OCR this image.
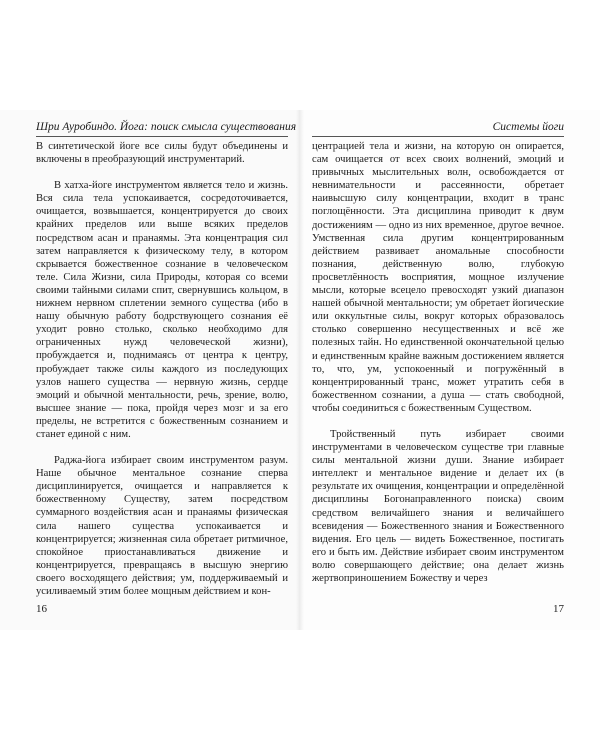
Шри Ауробиндо. Йога: поиск смысла существования	Системы йоги

В синтетической йоге все силы будут объединены и включены в преобразующий инструментарий.

В хатха-йоге инструментом является тело и жизнь. Вся сила тела успокаивается, сосредоточивается, очищается, возвышается, концентрируется до своих крайних пределов или выше всяких пределов посредством асан и пранаямы. Эта концентрация сил затем направляется к физическому телу, в котором скрывается божественное сознание в человеческом теле. Сила Жизни, сила Природы, которая со всеми своими тайными силами спит, свернувшись кольцом, в нижнем нервном сплетении земного существа (ибо в нашу обычную работу бодрствующего сознания её уходит ровно столько, сколько необходимо для ограниченных нужд человеческой жизни), пробуждается и, поднимаясь от центра к центру, пробуждает также силы каждого из последующих узлов нашего существа — нервную жизнь, сердце эмоций и обычной ментальности, речь, зрение, волю, высшее знание — пока, пройдя через мозг и за его пределы, не встретится с божественным сознанием и станет единой с ним.

Раджа-йога избирает своим инструментом разум. Наше обычное ментальное сознание сперва дисциплинируется, очищается и направляется к божественному Существу, затем посредством суммарного воздействия асан и пранаямы физическая сила нашего существа успокаивается и концентрируется; жизненная сила обретает ритмичное, спокойное приостанавливаться движение и концентрируется, превращаясь в высшую энергию своего восходящего действия; ум, поддерживаемый и усиливаемый этим более мощным действием и кон-

центрацией тела и жизни, на которую он опирается, сам очищается от всех своих волнений, эмоций и привычных мыслительных волн, освобождается от невнимательности и рассеянности, обретает наивысшую силу концентрации, входит в транс поглощённости. Эта дисциплина приводит к двум достижениям — одно из них временное, другое вечное. Умственная сила другим концентрированным действием развивает аномальные способности познания, действенную волю, глубокую просветлённость восприятия, мощное излучение мысли, которые всецело превосходят узкий диапазон нашей обычной ментальности; ум обретает йогические или оккультные силы, вокруг которых образовалось столько совершенно несущественных и всё же полезных тайн. Но единственной окончательной целью и единственным крайне важным достижением является то, что, ум, успокоенный и погружённый в концентрированный транс, может утратить себя в божественном сознании, а душа — стать свободной, чтобы соединиться с божественным Существом.

Тройственный путь избирает своими инструментами в человеческом существе три главные силы ментальной жизни души. Знание избирает интеллект и ментальное видение и делает их (в результате их очищения, концентрации и определённой дисциплины Богонаправленного поиска) своим средством величайшего знания и величайшего всевидения — Божественного знания и Божественного видения. Его цель — видеть Божественное, постигать его и быть им. Действие избирает своим инструментом волю совершающего действие; она делает жизнь жертвоприношением Божеству и через

16	17
